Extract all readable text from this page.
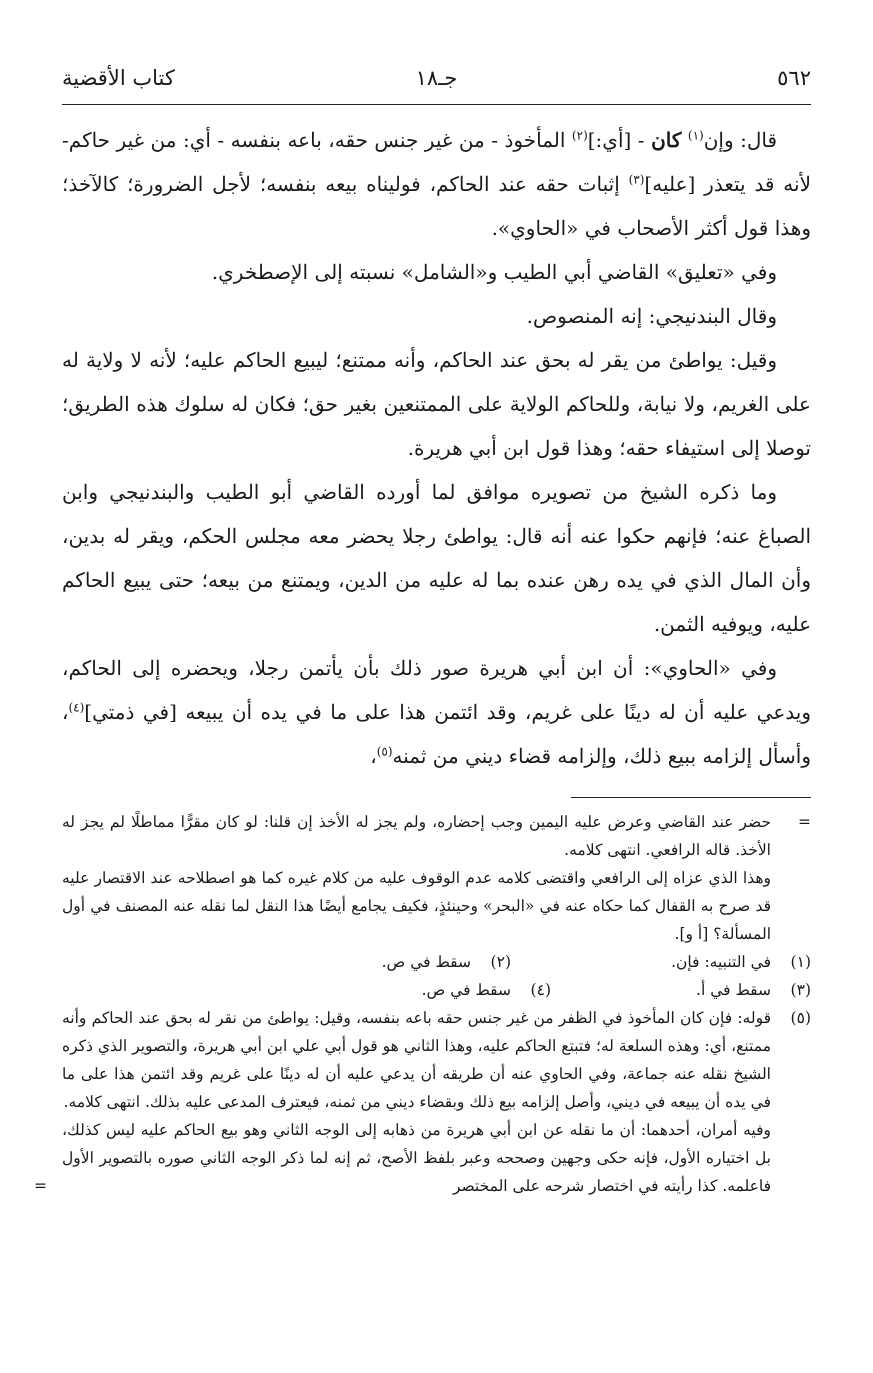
٥٦٢
جـ١٨
كتاب الأقضية

قال: وإن$^{(١)}$ كان - [أي:]$^{(٢)}$ المأخوذ - من غير جنس حقه، باعه بنفسه - أي: من غير حاكم- لأنه قد يتعذر [عليه]$^{(٣)}$ إثبات حقه عند الحاكم، فوليناه بيعه بنفسه؛ لأجل الضرورة؛ كالآخذ؛ وهذا قول أكثر الأصحاب في «الحاوي».

وفي «تعليق» القاضي أبي الطيب و«الشامل» نسبته إلى الإصطخري.

وقال البندنيجي: إنه المنصوص.

وقيل: يواطئ من يقر له بحق عند الحاكم، وأنه ممتنع؛ ليبيع الحاكم عليه؛ لأنه لا ولاية له على الغريم، ولا نيابة، وللحاكم الولاية على الممتنعين بغير حق؛ فكان له سلوك هذه الطريق؛ توصلا إلى استيفاء حقه؛ وهذا قول ابن أبي هريرة.

وما ذكره الشيخ من تصويره موافق لما أورده القاضي أبو الطيب والبندنيجي وابن الصباغ عنه؛ فإنهم حكوا عنه أنه قال: يواطئ رجلا يحضر معه مجلس الحكم، ويقر له بدين، وأن المال الذي في يده رهن عنده بما له عليه من الدين، ويمتنع من بيعه؛ حتى يبيع الحاكم عليه، ويوفيه الثمن.

وفي «الحاوي»: أن ابن أبي هريرة صور ذلك بأن يأتمن رجلا، ويحضره إلى الحاكم، ويدعي عليه أن له دينًا على غريم، وقد ائتمن هذا على ما في يده أن يبيعه [في ذمتي]$^{(٤)}$، وأسأل إلزامه ببيع ذلك، وإلزامه قضاء ديني من ثمنه$^{(٥)}$،

=
حضر عند القاضي وعرض عليه اليمين وجب إحضاره، ولم يجز له الأخذ إن قلنا: لو كان مقرًّا مماطلًا لم يجز له الأخذ. قاله الرافعي. انتهى كلامه.
وهذا الذي عزاه إلى الرافعي واقتضى كلامه عدم الوقوف عليه من كلام غيره كما هو اصطلاحه عند الاقتصار عليه قد صرح به القفال كما حكاه عنه في «البحر» وحينئذٍ، فكيف يجامع أيضًا هذا النقل لما نقله عنه المصنف في أول المسألة؟ [أ و].
(١)
في التنبيه: فإن.
(٣)
سقط في أ.
(٤)
سقط في ص.
(٢)
سقط في ص.
(٥)
قوله: فإن كان المأخوذ في الظفر من غير جنس حقه باعه بنفسه، وقيل: يواطئ من نقر له بحق عند الحاكم وأنه ممتنع، أي: وهذه السلعة له؛ فتبتع الحاكم عليه، وهذا الثاني هو قول أبي علي ابن أبي هريرة، والتصوير الذي ذكره الشيخ نقله عنه جماعة، وفي الحاوي عنه أن طريقه أن يدعي عليه أن له دينًا على غريم وقد ائتمن هذا على ما في يده أن يبيعه في ديني، وأصل إلزامه بيع ذلك وبقضاء ديني من ثمنه، فيعترف المدعى عليه بذلك. انتهى كلامه.
وفيه أمران، أحدهما: أن ما نقله عن ابن أبي هريرة من ذهابه إلى الوجه الثاني وهو بيع الحاكم عليه ليس كذلك، بل اختياره الأول، فإنه حكى وجهين وصححه وعبر بلفظ الأصح، ثم إنه لما ذكر الوجه الثاني صوره بالتصوير الأول فاعلمه. كذا رأيته في اختصار شرحه على المختصر
=
